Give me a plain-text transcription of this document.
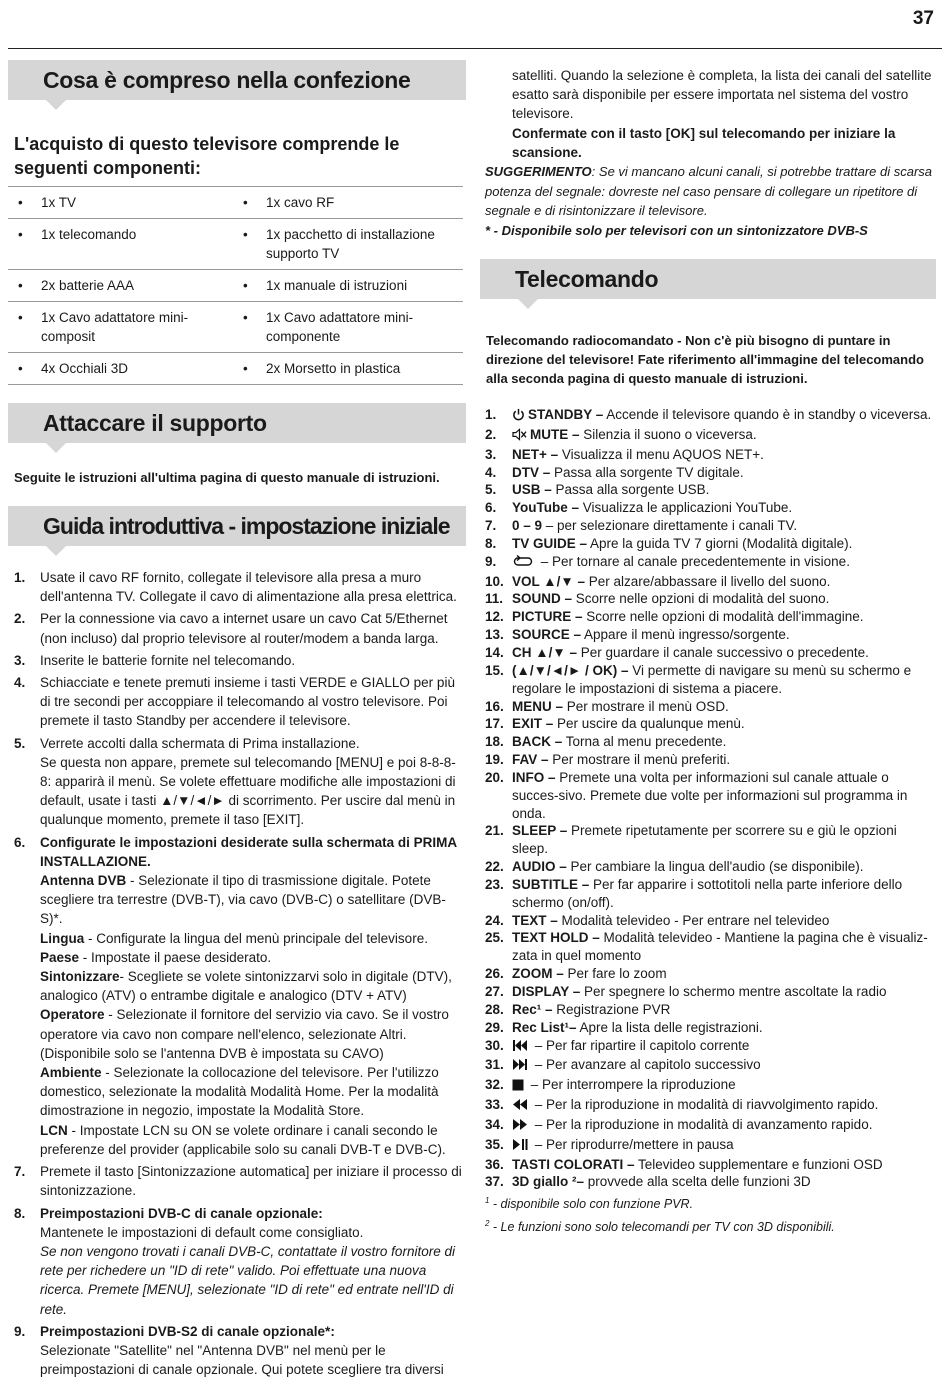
37
Cosa è compreso nella confezione
L'acquisto di questo televisore comprende le seguenti componenti:
• 1x TV	• 1x cavo RF

• 1x telecomando	• 1x pacchetto di installazione supporto TV

• 2x batterie AAA	• 1x manuale di istruzioni

• 1x Cavo adattatore mini-composit	• 1x Cavo adattatore mini-componente

• 4x Occhiali 3D	• 2x Morsetto in plastica
Attaccare il supporto
Seguite le istruzioni all'ultima pagina di questo manuale di istruzioni.
Guida introduttiva - impostazione iniziale
1.	Usate il cavo RF fornito, collegate il televisore alla presa a muro dell'antenna TV. Collegate il cavo di alimentazione alla presa elettrica.
2.	Per la connessione via cavo a internet usare un cavo Cat 5/Ethernet (non incluso) dal proprio televisore al router/modem a banda larga.
3.	Inserite le batterie fornite nel telecomando.
4.	Schiacciate e tenete premuti insieme i tasti VERDE e GIALLO per più di tre secondi per accoppiare il telecomando al vostro televisore. Poi premete il tasto Standby per accendere il televisore.
5.	Verrete accolti dalla schermata di Prima installazione.
Se questa non appare, premete sul telecomando [MENU] e poi 8-8-8-8: apparirà il menù. Se volete effettuare modifiche alle impostazioni di default, usate i tasti ▲/▼/◄/► di scorrimento. Per uscire dal menù in qualunque momento, premete il taso [EXIT].
6.	Configurate le impostazioni desiderate sulla schermata di PRIMA INSTALLAZIONE.
Antenna DVB - Selezionate il tipo di trasmissione digitale. Potete scegliere tra terrestre (DVB-T), via cavo (DVB-C) o satellitare (DVB-S)*.
Lingua - Configurate la lingua del menù principale del televisore.
Paese - Impostate il paese desiderato.
Sintonizzare- Scegliete se volete sintonizzarvi solo in digitale (DTV), analogico (ATV) o entrambe digitale e analogico (DTV + ATV)
Operatore - Selezionate il fornitore del servizio via cavo. Se il vostro operatore via cavo non compare nell'elenco, selezionate Altri. (Disponibile solo se l'antenna DVB è impostata su CAVO)
Ambiente - Selezionate la collocazione del televisore. Per l'utilizzo domestico, selezionate la modalità Modalità Home. Per la modalità dimostrazione in negozio, impostate la Modalità Store.
LCN - Impostate LCN su ON se volete ordinare i canali secondo le preferenze del provider (applicabile solo su canali DVB-T e DVB-C).
7.	Premete il tasto [Sintonizzazione automatica] per iniziare il processo di sintonizzazione.
8.	Preimpostazioni DVB-C di canale opzionale:
Mantenete le impostazioni di default come consigliato.
Se non vengono trovati i canali DVB-C, contattate il vostro fornitore di rete per richedere un "ID di rete" valido. Poi effettuate una nuova ricerca. Premete [MENU], selezionate "ID di rete" ed entrate nell'ID di rete.
9.	Preimpostazioni DVB-S2 di canale opzionale*:
Selezionate "Satellite" nel "Antenna DVB" nel menù per le preimpostazioni di canale opzionale. Qui potete scegliere tra diversi

satelliti. Quando la selezione è completa, la lista dei canali del satellite esatto sarà disponibile per essere importata nel sistema del vostro televisore.

Confermate con il tasto [OK] sul telecomando per iniziare la scansione.

SUGGERIMENTO: Se vi mancano alcuni canali, si potrebbe trattare di scarsa potenza del segnale: dovreste nel caso pensare di collegare un ripetitore di segnale e di risintonizzare il televisore.
* - Disponibile solo per televisori con un sintonizzatore DVB-S
Telecomando
Telecomando radiocomandato - Non c'è più bisogno di puntare in direzione del televisore! Fate riferimento all'immagine del telecomando alla seconda pagina di questo manuale di istruzioni.
1.	STANDBY – Accende il televisore quando è in standby o viceversa.
2.	MUTE – Silenzia il suono o viceversa.
3.	NET+ – Visualizza il menu AQUOS NET+.
4.	DTV – Passa alla sorgente TV digitale.
5.	USB – Passa alla sorgente USB.
6.	YouTube – Visualizza le applicazioni YouTube.
7.	0 – 9 – per selezionare direttamente i canali TV.
8.	TV GUIDE – Apre la guida TV 7 giorni (Modalità digitale).
9.	– Per tornare al canale precedentemente in visione.
10. VOL ▲/▼ – Per alzare/abbassare il livello del suono.
11. SOUND – Scorre nelle opzioni di modalità del suono.
12. PICTURE – Scorre nelle opzioni di modalità dell'immagine.
13. SOURCE – Appare il menù ingresso/sorgente.
14. CH ▲/▼ – Per guardare il canale successivo o precedente.
15. (▲/▼/◄/► / OK) – Vi permette di navigare su menù su schermo e regolare le impostazioni di sistema a piacere.
16. MENU – Per mostrare il menù OSD.
17. EXIT – Per uscire da qualunque menù.
18. BACK – Torna al menu precedente.
19. FAV – Per mostrare il menù preferiti.
20. INFO – Premete una volta per informazioni sul canale attuale o succes-sivo. Premete due volte per informazioni sul programma in onda.
21. SLEEP – Premete ripetutamente per scorrere su e giù le opzioni sleep.
22. AUDIO – Per cambiare la lingua dell'audio (se disponibile).
23. SUBTITLE – Per far apparire i sottotitoli nella parte inferiore dello schermo (on/off).
24. TEXT – Modalità televideo - Per entrare nel televideo
25. TEXT HOLD – Modalità televideo - Mantiene la pagina che è visualiz-zata in quel momento
26. ZOOM – Per fare lo zoom
27. DISPLAY – Per spegnere lo schermo mentre ascoltate la radio
28. Rec¹ – Registrazione PVR
29. Rec List¹– Apre la lista delle registrazioni.
30.	– Per far ripartire il capitolo corrente
31.	– Per avanzare al capitolo successivo
32.	– Per interrompere la riproduzione
33.	– Per la riproduzione in modalità di riavvolgimento rapido.
34.	– Per la riproduzione in modalità di avanzamento rapido.
35.	– Per riprodurre/mettere in pausa
36. TASTI COLORATI – Televideo supplementare e funzioni OSD
37. 3D giallo ²– provvede alla scelta delle funzioni 3D
$^1$ - disponibile solo con funzione PVR.
$^2$ - Le funzioni sono solo telecomandi per TV con 3D disponibili.
